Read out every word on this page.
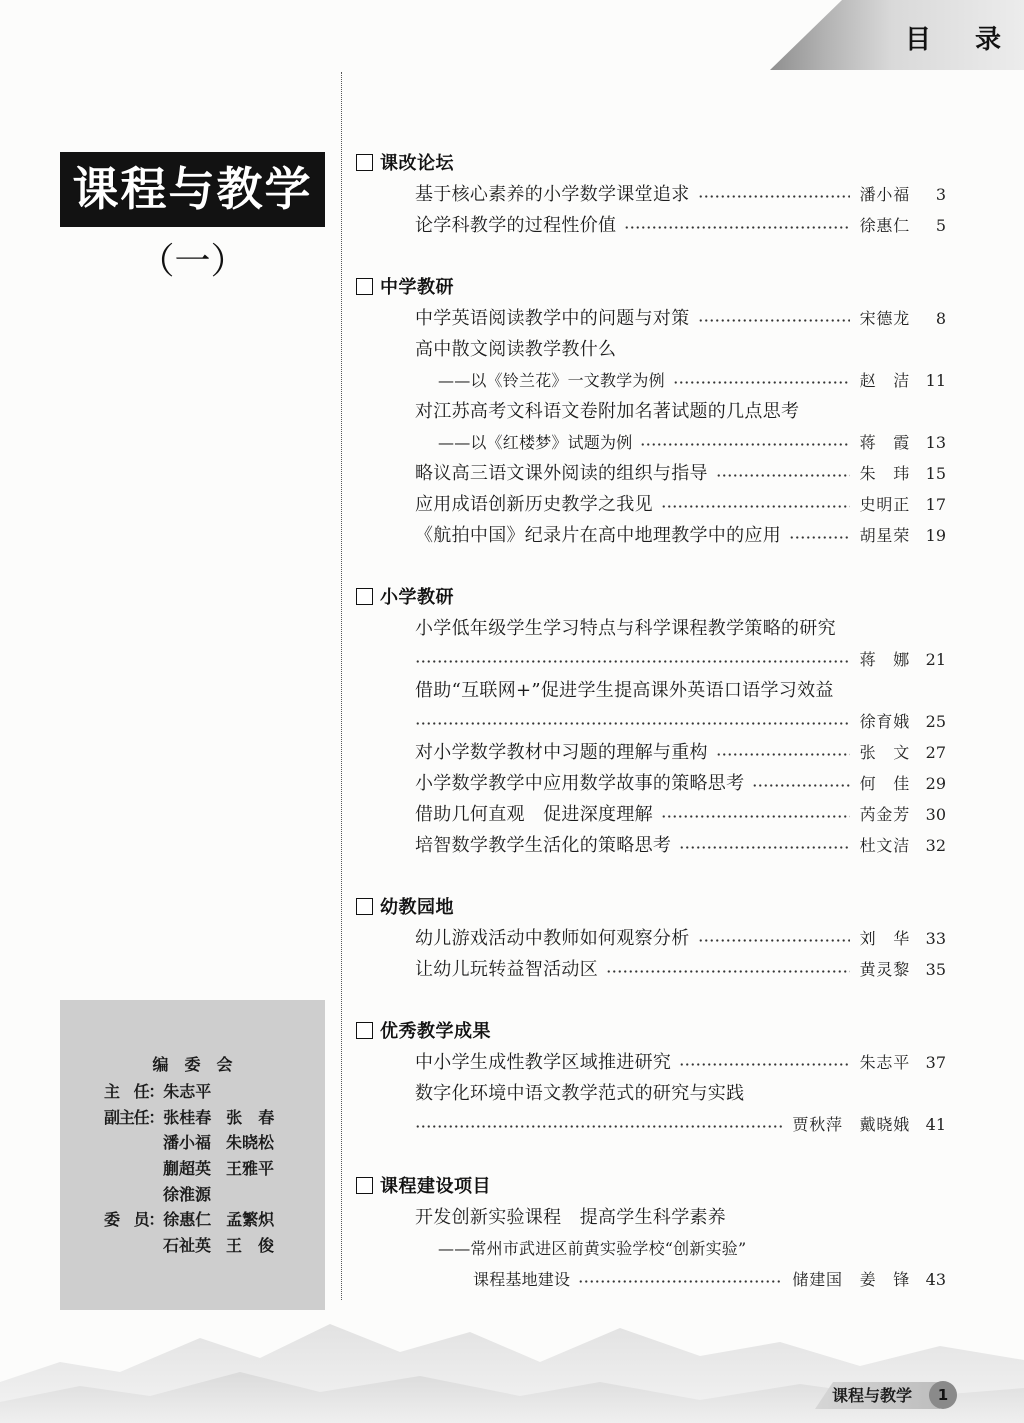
目　录
课程与教学
（一）
课改论坛
基于核心素养的小学数学课堂追求	潘小福	3
论学科教学的过程性价值	徐惠仁	5
中学教研
中学英语阅读教学中的问题与对策	宋德龙	8
高中散文阅读教学教什么
——以《铃兰花》一文教学为例	赵　洁 11
对江苏高考文科语文卷附加名著试题的几点思考
——以《红楼梦》试题为例	蒋　霞 13
略议高三语文课外阅读的组织与指导	朱　玮 15
应用成语创新历史教学之我见	史明正 17
《航拍中国》纪录片在高中地理教学中的应用	胡星荣 19
小学教研
小学低年级学生学习特点与科学课程教学策略的研究
蒋　娜 21
借助“互联网+”促进学生提高课外英语口语学习效益
徐育娥 25
对小学数学教材中习题的理解与重构	张　文 27
小学数学教学中应用数学故事的策略思考	何　佳 29
借助几何直观　促进深度理解	芮金芳 30
培智数学教学生活化的策略思考	杜文洁 32
幼教园地
幼儿游戏活动中教师如何观察分析	刘　华 33
让幼儿玩转益智活动区	黄灵黎 35
优秀教学成果
中小学生成性教学区域推进研究	朱志平 37
数字化环境中语文教学范式的研究与实践
贾秋萍　戴晓娥 41
课程建设项目
开发创新实验课程　提高学生科学素养
——常州市武进区前黄实验学校“创新实验”
课程基地建设	储建国　姜　锋 43
编　委　会
主　任： 朱志平
副主任： 张桂春 张　春
潘小福 朱晓松
蒯超英 王雅平
徐淮源
委　员： 徐惠仁 孟繁炽
石祉英 王　俊
课程与教学	1
